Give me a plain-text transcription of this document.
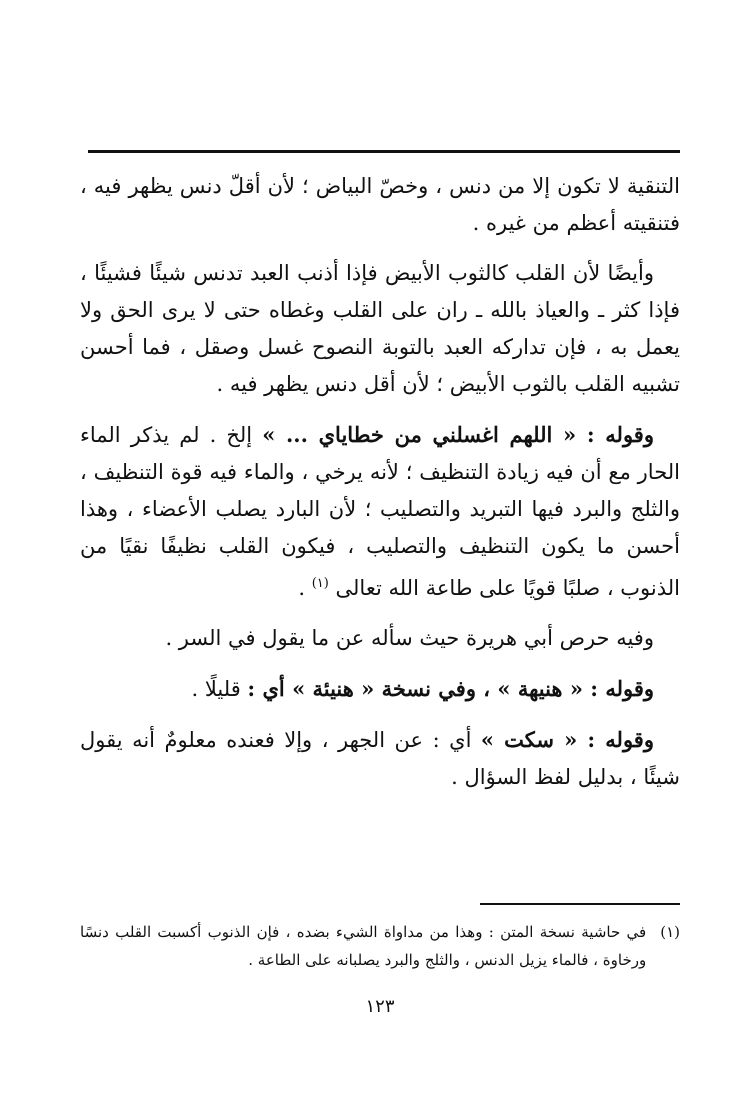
التنقية لا تكون إلا من دنس ، وخصّ البياض ؛ لأن أقلّ دنس يظهر فيه ، فتنقيته أعظم من غيره .

وأيضًا لأن القلب كالثوب الأبيض فإذا أذنب العبد تدنس شيئًا فشيئًا ، فإذا كثر ـ والعياذ بالله ـ ران على القلب وغطاه حتى لا يرى الحق ولا يعمل به ، فإن تداركه العبد بالتوبة النصوح غسل وصقل ، فما أحسن تشبيه القلب بالثوب الأبيض ؛ لأن أقل دنس يظهر فيه .

وقوله : « اللهم اغسلني من خطاياي ... » إلخ . لم يذكر الماء الحار مع أن فيه زيادة التنظيف ؛ لأنه يرخي ، والماء فيه قوة التنظيف ، والثلج والبرد فيها التبريد والتصليب ؛ لأن البارد يصلب الأعضاء ، وهذا أحسن ما يكون التنظيف والتصليب ، فيكون القلب نظيفًا نقيًا من الذنوب ، صلبًا قويًا على طاعة الله تعالى $^{(١)}$ .

وفيه حرص أبي هريرة حيث سأله عن ما يقول في السر .

وقوله : « هنيهة » ، وفي نسخة « هنيئة » أي : قليلًا .

وقوله : « سكت » أي : عن الجهر ، وإلا فعنده معلومٌ أنه يقول شيئًا ، بدليل لفظ السؤال .

(١)
في حاشية نسخة المتن : وهذا من مداواة الشيء بضده ، فإن الذنوب أكسبت القلب دنسًا ورخاوة ، فالماء يزيل الدنس ، والثلج والبرد يصلبانه على الطاعة .
١٢٣
